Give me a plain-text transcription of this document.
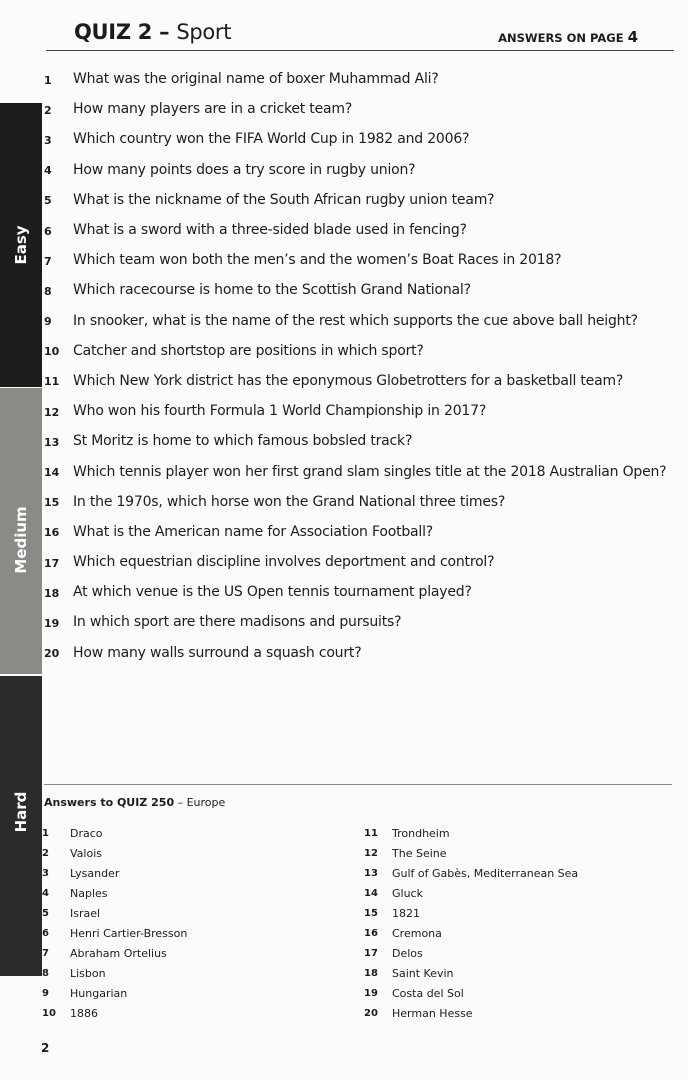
QUIZ 2 – Sport	ANSWERS ON PAGE 4
Easy
Medium
Hard
1	What was the original name of boxer Muhammad Ali?
2	How many players are in a cricket team?
3	Which country won the FIFA World Cup in 1982 and 2006?
4	How many points does a try score in rugby union?
5	What is the nickname of the South African rugby union team?
6	What is a sword with a three-sided blade used in fencing?
7	Which team won both the men’s and the women’s Boat Races in 2018?
8	Which racecourse is home to the Scottish Grand National?
9	In snooker, what is the name of the rest which supports the cue above ball height?
10 Catcher and shortstop are positions in which sport?
11 Which New York district has the eponymous Globetrotters for a basketball team?
12 Who won his fourth Formula 1 World Championship in 2017?
13 St Moritz is home to which famous bobsled track?
14 Which tennis player won her first grand slam singles title at the 2018 Australian Open?
15 In the 1970s, which horse won the Grand National three times?
16 What is the American name for Association Football?
17 Which equestrian discipline involves deportment and control?
18 At which venue is the US Open tennis tournament played?
19 In which sport are there madisons and pursuits?
20 How many walls surround a squash court?
Answers to QUIZ 250 – Europe
1	Draco
2	Valois
3	Lysander
4	Naples
5	Israel
6	Henri Cartier-Bresson
7	Abraham Ortelius
8	Lisbon
9	Hungarian
10	1886
11	Trondheim
12	The Seine
13	Gulf of Gabès, Mediterranean Sea
14	Gluck
15	1821
16	Cremona
17	Delos
18	Saint Kevin
19	Costa del Sol
20	Herman Hesse
2
